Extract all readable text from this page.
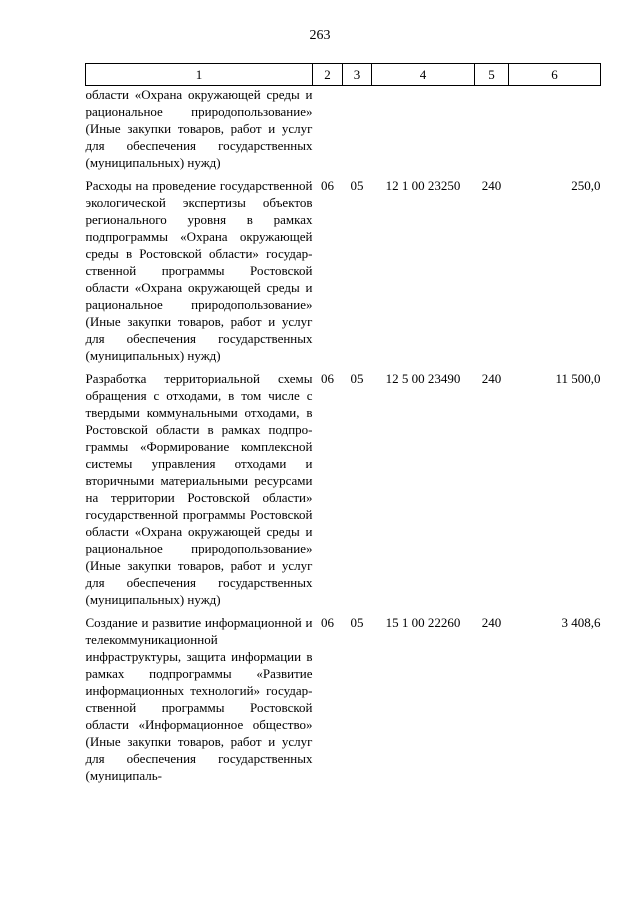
263
1	2	3	4	5	6
области «Охрана окружающей среды и рациональное природопользование» (Иные закупки товаров, работ и услуг для обеспечения государственных (муниципальных) нужд)					
Расходы на проведение государственной экологической экспертизы объектов регионального уровня в рамках подпрограммы «Охрана окружающей среды в Ростовской области» государственной программы Ростовской области «Охрана окружающей среды и рациональное природопользование» (Иные закупки товаров, работ и услуг для обеспечения государственных (муниципальных) нужд)	06	05	12 1 00 23250	240	250,0
Разработка территориальной схемы обращения с отходами, в том числе с твердыми коммунальными отходами, в Ростовской области в рамках подпрограммы «Формирование комплексной системы управления отходами и вторичными материальными ресурсами на территории Ростовской области» государственной программы Ростовской области «Охрана окружающей среды и рациональное природопользование» (Иные закупки товаров, работ и услуг для обеспечения государственных (муниципальных) нужд)	06	05	12 5 00 23490	240	11 500,0
Создание и развитие информационной и телекоммуникационной инфраструктуры, защита информации в рамках подпрограммы «Развитие информационных технологий» государственной программы Ростовской области «Информационное общество» (Иные закупки товаров, работ и услуг для обеспечения государственных (муниципаль-	06	05	15 1 00 22260	240	3 408,6
